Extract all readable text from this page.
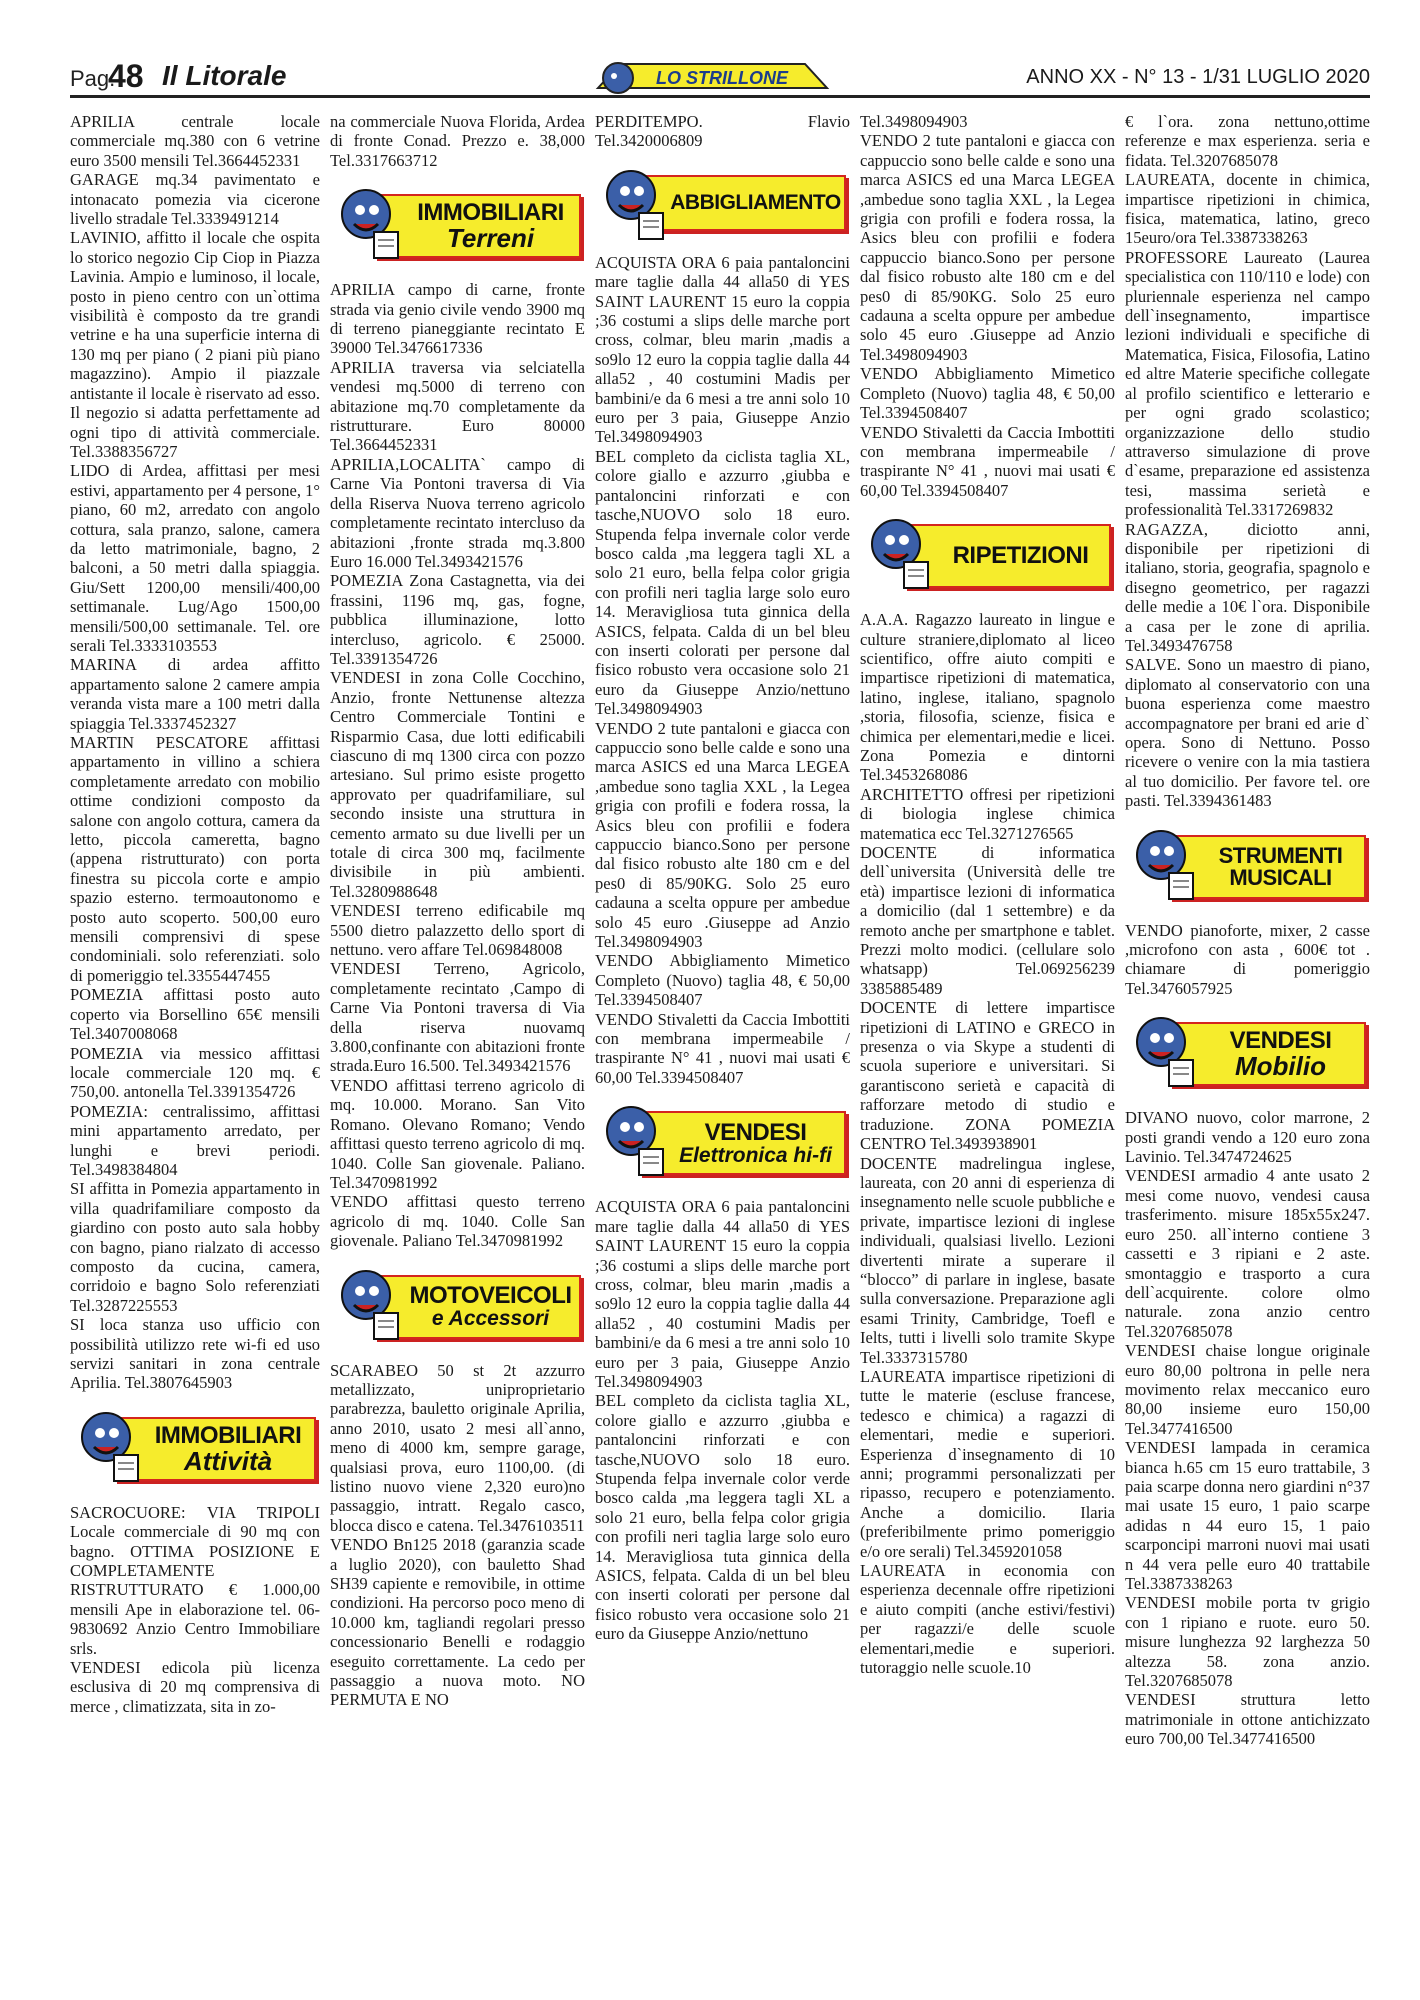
Pag.
48 Il Litorale	LO STRILLONE	ANNO XX - N° 13 - 1/31 LUGLIO 2020

APRILIA centrale locale commerciale mq.380 con 6 vetrine euro 3500 mensili Tel.3664452331

GARAGE mq.34 pavimentato e intonacato pomezia via cicerone livello stradale Tel.3339491214

LAVINIO, affitto il locale che ospita lo storico negozio Cip Ciop in Piazza Lavinia. Ampio e luminoso, il locale, posto in pieno centro con un`ottima visibilità è composto da tre grandi vetrine e ha una superficie interna di 130 mq per piano ( 2 piani più piano magazzino). Ampio il piazzale antistante il locale è riservato ad esso. Il negozio si adatta perfettamente ad ogni tipo di attività commerciale. Tel.3388356727

LIDO di Ardea, affittasi per mesi estivi, appartamento per 4 persone, 1° piano, 60 m2, arredato con angolo cottura, sala pranzo, salone, camera da letto matrimoniale, bagno, 2 balconi, a 50 metri dalla spiaggia. Giu/Sett 1200,00 mensili/400,00 settimanale. Lug/Ago 1500,00 mensili/500,00 settimanale. Tel. ore serali Tel.3333103553

MARINA di ardea affitto appartamento salone 2 camere ampia veranda vista mare a 100 metri dalla spiaggia Tel.3337452327

MARTIN PESCATORE affittasi appartamento in villino a schiera completamente arredato con mobilio ottime condizioni composto da salone con angolo cottura, camera da letto, piccola cameretta, bagno (appena ristrutturato) con porta finestra su piccola corte e ampio spazio esterno. termoautonomo e posto auto scoperto. 500,00 euro mensili comprensivi di spese condominiali. solo referenziati. solo di pomeriggio tel.3355447455

POMEZIA affittasi posto auto coperto via Borsellino 65€ mensili Tel.3407008068

POMEZIA via messico affittasi locale commerciale 120 mq. € 750,00. antonella Tel.3391354726

POMEZIA: centralissimo, affittasi mini appartamento arredato, per lunghi e brevi periodi. Tel.3498384804

SI affitta in Pomezia appartamento in villa quadrifamiliare composto da giardino con posto auto sala hobby con bagno, piano rialzato di accesso composto da cucina, camera, corridoio e bagno Solo referenziati Tel.3287225553

SI loca stanza uso ufficio con possibilità utilizzo rete wi-fi ed uso servizi sanitari in zona centrale Aprilia. Tel.3807645903

IMMOBILIARI
Attività

SACROCUORE: VIA TRIPOLI Locale commerciale di 90 mq con bagno. OTTIMA POSIZIONE E COMPLETAMENTE RISTRUTTURATO € 1.000,00 mensili Ape in elaborazione tel. 06-9830692 Anzio Centro Immobiliare srls.

VENDESI edicola più licenza esclusiva di 20 mq comprensiva di merce , climatizzata, sita in zo-

na commerciale Nuova Florida, Ardea di fronte Conad. Prezzo e. 38,000 Tel.3317663712

IMMOBILIARI
Terreni

APRILIA campo di carne, fronte strada via genio civile vendo 3900 mq di terreno pianeggiante recintato E 39000 Tel.3476617336

APRILIA traversa via selciatella vendesi mq.5000 di terreno con abitazione mq.70 completamente da ristrutturare. Euro 80000 Tel.3664452331

APRILIA,LOCALITA` campo di Carne Via Pontoni traversa di Via della Riserva Nuova terreno agricolo completamente recintato intercluso da abitazioni ,fronte strada mq.3.800 Euro 16.000 Tel.3493421576

POMEZIA Zona Castagnetta, via dei frassini, 1196 mq, gas, fogne, pubblica illuminazione, lotto intercluso, agricolo. € 25000. Tel.3391354726

VENDESI in zona Colle Cocchino, Anzio, fronte Nettunense altezza Centro Commerciale Tontini e Risparmio Casa, due lotti edificabili ciascuno di mq 1300 circa con pozzo artesiano. Sul primo esiste progetto approvato per quadrifamiliare, sul secondo insiste una struttura in cemento armato su due livelli per un totale di circa 300 mq, facilmente divisibile in più ambienti. Tel.3280988648

VENDESI terreno edificabile mq 5500 dietro palazzetto dello sport di nettuno. vero affare Tel.069848008

VENDESI Terreno, Agricolo, completamente recintato ,Campo di Carne Via Pontoni traversa di Via della riserva nuovamq 3.800,confinante con abitazioni fronte strada.Euro 16.500. Tel.3493421576

VENDO affittasi terreno agricolo di mq. 10.000. Morano. San Vito Romano. Olevano Romano; Vendo affittasi questo terreno agricolo di mq. 1040. Colle San giovenale. Paliano. Tel.3470981992

VENDO affittasi questo terreno agricolo di mq. 1040. Colle San giovenale. Paliano Tel.3470981992

MOTOVEICOLI
e Accessori

SCARABEO 50 st 2t azzurro metallizzato, uniproprietario parabrezza, bauletto originale Aprilia, anno 2010, usato 2 mesi all`anno, meno di 4000 km, sempre garage, qualsiasi prova, euro 1100,00. (di listino nuovo viene 2,320 euro)no passaggio, intratt. Regalo casco, blocca disco e catena. Tel.3476103511

VENDO Bn125 2018 (garanzia scade a luglio 2020), con bauletto Shad SH39 capiente e removibile, in ottime condizioni. Ha percorso poco meno di 10.000 km, tagliandi regolari presso concessionario Benelli e rodaggio eseguito correttamente. La cedo per passaggio a nuova moto. NO PERMUTA E NO

PERDITEMPO. Flavio Tel.3420006809

ABBIGLIAMENTO

ACQUISTA ORA 6 paia pantaloncini mare taglie dalla 44 alla50 di YES SAINT LAURENT 15 euro la coppia ;36 costumi a slips delle marche port cross, colmar, bleu marin ,madis a so9lo 12 euro la coppia taglie dalla 44 alla52 , 40 costumini Madis per bambini/e da 6 mesi a tre anni solo 10 euro per 3 paia, Giuseppe Anzio Tel.3498094903

BEL completo da ciclista taglia XL, colore giallo e azzurro ,giubba e pantaloncini rinforzati e con tasche,NUOVO solo 18 euro. Stupenda felpa invernale color verde bosco calda ,ma leggera tagli XL a solo 21 euro, bella felpa color grigia con profili neri taglia large solo euro 14. Meravigliosa tuta ginnica della ASICS, felpata. Calda di un bel bleu con inserti colorati per persone dal fisico robusto vera occasione solo 21 euro da Giuseppe Anzio/nettuno Tel.3498094903

VENDO 2 tute pantaloni e giacca con cappuccio sono belle calde e sono una marca ASICS ed una Marca LEGEA ,ambedue sono taglia XXL , la Legea grigia con profili e fodera rossa, la Asics bleu con profilii e fodera cappuccio bianco.Sono per persone dal fisico robusto alte 180 cm e del pes0 di 85/90KG. Solo 25 euro cadauna a scelta oppure per ambedue solo 45 euro .Giuseppe ad Anzio Tel.3498094903

VENDO Abbigliamento Mimetico Completo (Nuovo) taglia 48, € 50,00 Tel.3394508407

VENDO Stivaletti da Caccia Imbottiti con membrana impermeabile / traspirante N° 41 , nuovi mai usati € 60,00 Tel.3394508407

VENDESI
Elettronica hi-fi

ACQUISTA ORA 6 paia pantaloncini mare taglie dalla 44 alla50 di YES SAINT LAURENT 15 euro la coppia ;36 costumi a slips delle marche port cross, colmar, bleu marin ,madis a so9lo 12 euro la coppia taglie dalla 44 alla52 , 40 costumini Madis per bambini/e da 6 mesi a tre anni solo 10 euro per 3 paia, Giuseppe Anzio Tel.3498094903

BEL completo da ciclista taglia XL, colore giallo e azzurro ,giubba e pantaloncini rinforzati e con tasche,NUOVO solo 18 euro. Stupenda felpa invernale color verde bosco calda ,ma leggera tagli XL a solo 21 euro, bella felpa color grigia con profili neri taglia large solo euro 14. Meravigliosa tuta ginnica della ASICS, felpata. Calda di un bel bleu con inserti colorati per persone dal fisico robusto vera occasione solo 21 euro da Giuseppe Anzio/nettuno

Tel.3498094903

VENDO 2 tute pantaloni e giacca con cappuccio sono belle calde e sono una marca ASICS ed una Marca LEGEA ,ambedue sono taglia XXL , la Legea grigia con profili e fodera rossa, la Asics bleu con profilii e fodera cappuccio bianco.Sono per persone dal fisico robusto alte 180 cm e del pes0 di 85/90KG. Solo 25 euro cadauna a scelta oppure per ambedue solo 45 euro .Giuseppe ad Anzio Tel.3498094903

VENDO Abbigliamento Mimetico Completo (Nuovo) taglia 48, € 50,00 Tel.3394508407

VENDO Stivaletti da Caccia Imbottiti con membrana impermeabile / traspirante N° 41 , nuovi mai usati € 60,00 Tel.3394508407

RIPETIZIONI

A.A.A. Ragazzo laureato in lingue e culture straniere,diplomato al liceo scientifico, offre aiuto compiti e impartisce ripetizioni di matematica, latino, inglese, italiano, spagnolo ,storia, filosofia, scienze, fisica e chimica per elementari,medie e licei. Zona Pomezia e dintorni Tel.3453268086

ARCHITETTO offresi per ripetizioni di biologia inglese chimica matematica ecc Tel.3271276565

DOCENTE di informatica dell`universita (Università delle tre età) impartisce lezioni di informatica a domicilio (dal 1 settembre) e da remoto anche per smartphone e tablet. Prezzi molto modici. (cellulare solo whatsapp) Tel.069256239 3385885489

DOCENTE di lettere impartisce ripetizioni di LATINO e GRECO in presenza o via Skype a studenti di scuola superiore e universitari. Si garantiscono serietà e capacità di rafforzare metodo di studio e traduzione. ZONA POMEZIA CENTRO Tel.3493938901

DOCENTE madrelingua inglese, laureata, con 20 anni di esperienza di insegnamento nelle scuole pubbliche e private, impartisce lezioni di inglese individuali, qualsiasi livello. Lezioni divertenti mirate a superare il “blocco” di parlare in inglese, basate sulla conversazione. Preparazione agli esami Trinity, Cambridge, Toefl e Ielts, tutti i livelli solo tramite Skype Tel.3337315780

LAUREATA impartisce ripetizioni di tutte le materie (escluse francese, tedesco e chimica) a ragazzi di elementari, medie e superiori. Esperienza d`insegnamento di 10 anni; programmi personalizzati per ripasso, recupero e potenziamento. Anche a domicilio. Ilaria (preferibilmente primo pomeriggio e/o ore serali) Tel.3459201058

LAUREATA in economia con esperienza decennale offre ripetizioni e aiuto compiti (anche estivi/festivi) per ragazzi/e delle scuole elementari,medie e superiori. tutoraggio nelle scuole.10

€ l`ora. zona nettuno,ottime referenze e max esperienza. seria e fidata. Tel.3207685078

LAUREATA, docente in chimica, impartisce ripetizioni in chimica, fisica, matematica, latino, greco 15euro/ora Tel.3387338263

PROFESSORE Laureato (Laurea specialistica con 110/110 e lode) con pluriennale esperienza nel campo dell`insegnamento, impartisce lezioni individuali e specifiche di Matematica, Fisica, Filosofia, Latino ed altre Materie specifiche collegate al profilo scientifico e letterario e per ogni grado scolastico; organizzazione dello studio attraverso simulazione di prove d`esame, preparazione ed assistenza tesi, massima serietà e professionalità Tel.3317269832

RAGAZZA, diciotto anni, disponibile per ripetizioni di italiano, storia, geografia, spagnolo e disegno geometrico, per ragazzi delle medie a 10€ l`ora. Disponibile a casa per le zone di aprilia. Tel.3493476758

SALVE. Sono un maestro di piano, diplomato al conservatorio con una buona esperienza come maestro accompagnatore per brani ed arie d` opera. Sono di Nettuno. Posso ricevere o venire con la mia tastiera al tuo domicilio. Per favore tel. ore pasti. Tel.3394361483

STRUMENTI
MUSICALI

VENDO pianoforte, mixer, 2 casse ,microfono con asta , 600€ tot . chiamare di pomeriggio Tel.3476057925

VENDESI
Mobilio

DIVANO nuovo, color marrone, 2 posti grandi vendo a 120 euro zona Lavinio. Tel.3474724625

VENDESI armadio 4 ante usato 2 mesi come nuovo, vendesi causa trasferimento. misure 185x55x247. euro 250. all`interno contiene 3 cassetti e 3 ripiani e 2 aste. smontaggio e trasporto a cura dell`acquirente. colore olmo naturale. zona anzio centro Tel.3207685078

VENDESI chaise longue originale euro 80,00 poltrona in pelle nera movimento relax meccanico euro 80,00 insieme euro 150,00 Tel.3477416500

VENDESI lampada in ceramica bianca h.65 cm 15 euro trattabile, 3 paia scarpe donna nero giardini n°37 mai usate 15 euro, 1 paio scarpe adidas n 44 euro 15, 1 paio scarponcipi marroni nuovi mai usati n 44 vera pelle euro 40 trattabile Tel.3387338263

VENDESI mobile porta tv grigio con 1 ripiano e ruote. euro 50. misure lunghezza 92 larghezza 50 altezza 58. zona anzio. Tel.3207685078

VENDESI struttura letto matrimoniale in ottone antichizzato euro 700,00 Tel.3477416500
